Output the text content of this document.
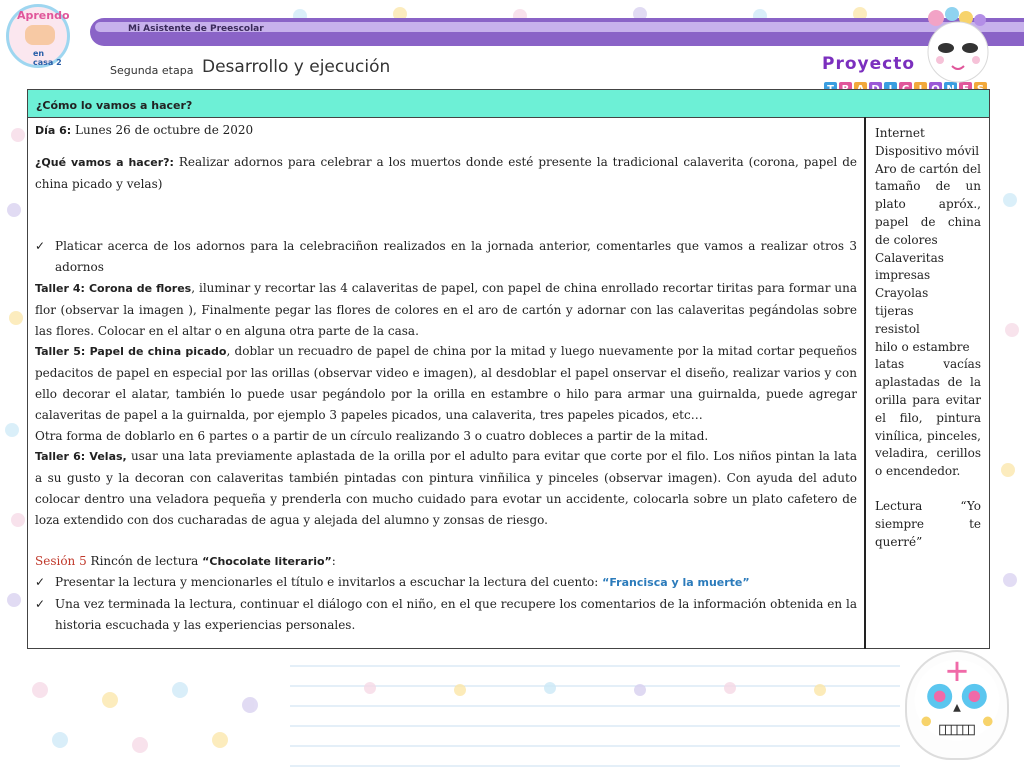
Mi Asistente de Preescolar
Aprendo
en casa 2
Segunda etapa Desarrollo y ejecución	Proyecto
¿Cómo lo vamos a hacer?

Día 6: Lunes 26 de octubre de 2020

¿Qué vamos a hacer?: Realizar adornos para celebrar a los muertos donde esté presente la tradicional calaverita (corona, papel de china picado y velas)

✓ Platicar acerca de los adornos para la celebraciñon realizados en la jornada anterior, comentarles que vamos a realizar otros 3 adornos

Taller 4: Corona de flores, iluminar y recortar las 4 calaveritas de papel, con papel de china enrollado recortar tiritas para formar una flor (observar la imagen ), Finalmente pegar las flores de colores en el aro de cartón y adornar con las calaveritas pegándolas sobre las flores. Colocar en el altar o en alguna otra parte de la casa.

Taller 5: Papel de china picado, doblar un recuadro de papel de china por la mitad y luego nuevamente por la mitad cortar pequeños pedacitos de papel en especial por las orillas (observar video e imagen), al desdoblar el papel onservar el diseño, realizar varios y con ello decorar el alatar, también lo puede usar pegándolo por la orilla en estambre o hilo para armar una guirnalda, puede agregar calaveritas de papel a la guirnalda, por ejemplo 3 papeles picados, una calaverita, tres papeles picados, etc…

Otra forma de doblarlo en 6 partes o a partir de un círculo realizando 3 o cuatro dobleces a partir de la mitad.

Taller 6: Velas, usar una lata previamente aplastada de la orilla por el adulto para evitar que corte por el filo. Los niños pintan la lata a su gusto y la decoran con calaveritas también pintadas con pintura vinñilica y pinceles (observar imagen). Con ayuda del aduto colocar dentro una veladora pequeña y prenderla con mucho cuidado para evotar un accidente, colocarla sobre un plato cafetero de loza extendido con dos cucharadas de agua y alejada del alumno y zonsas de riesgo.

Sesión 5 Rincón de lectura “Chocolate literario”:

✓ Presentar la lectura y mencionarles el título e invitarlos a escuchar la lectura del cuento: “Francisca y la muerte”

✓ Una vez terminada la lectura, continuar el diálogo con el niño, en el que recupere los comentarios de la información obtenida en la historia escuchada y las experiencias personales.

Internet

Dispositivo móvil

Aro de cartón del tamaño de un plato apróx., papel de china de colores

Calaveritas impresas

Crayolas

tijeras

resistol

hilo o estambre

latas vacías aplastadas de la orilla para evitar el filo, pintura vinílica, pinceles, veladira, cerillos o encendedor.

Lectura “Yo siempre te querré”
